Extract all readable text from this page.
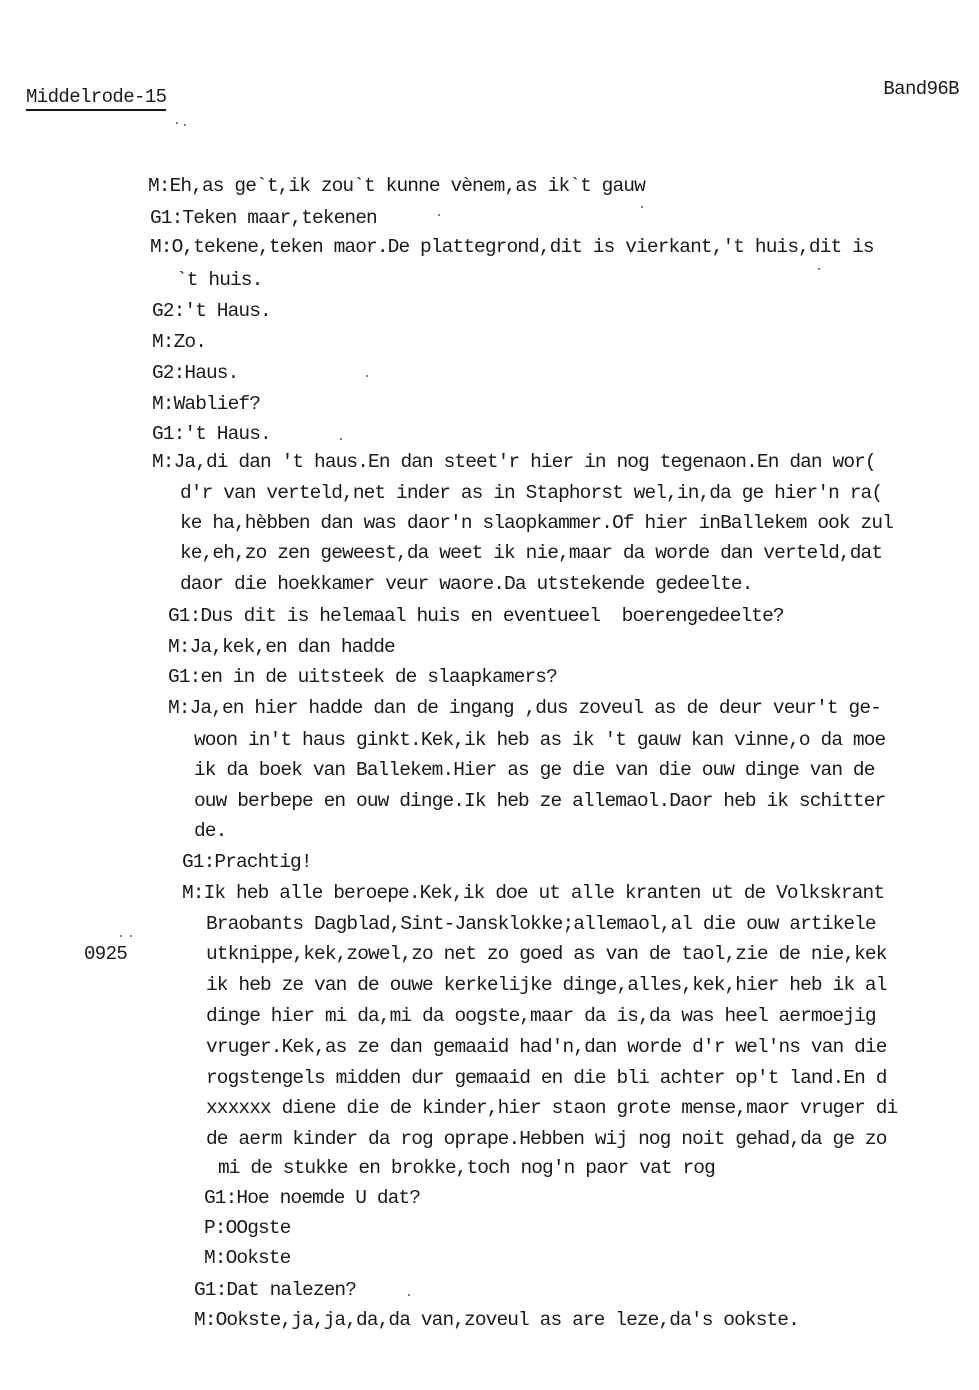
Middelrode-15	Band96B
0925
M:Eh,as ge`t,ik zou`t kunne vènem,as ik`t gauw
G1:Teken maar,tekenen
M:O,tekene,teken maor.De plattegrond,dit is vierkant,'t huis,dit is
`t huis.
G2:'t Haus.
M:Zo.
G2:Haus.
M:Wablief?
G1:'t Haus.
M:Ja,di dan 't haus.En dan steet'r hier in nog tegenaon.En dan wor(
d'r van verteld,net inder as in Staphorst wel,in,da ge hier'n ra(
ke ha,hèbben dan was daor'n slaopkammer.Of hier inBallekem ook zul
ke,eh,zo zen geweest,da weet ik nie,maar da worde dan verteld,dat
daor die hoekkamer veur waore.Da utstekende gedeelte.
G1:Dus dit is helemaal huis en eventueel  boerengedeelte?
M:Ja,kek,en dan hadde
G1:en in de uitsteek de slaapkamers?
M:Ja,en hier hadde dan de ingang ,dus zoveul as de deur veur't ge-
woon in't haus ginkt.Kek,ik heb as ik 't gauw kan vinne,o da moe
ik da boek van Ballekem.Hier as ge die van die ouw dinge van de
ouw berbepe en ouw dinge.Ik heb ze allemaol.Daor heb ik schitter
de.
G1:Prachtig!
M:Ik heb alle beroepe.Kek,ik doe ut alle kranten ut de Volkskrant
Braobants Dagblad,Sint-Jansklokke;allemaol,al die ouw artikele
utknippe,kek,zowel,zo net zo goed as van de taol,zie de nie,kek
ik heb ze van de ouwe kerkelijke dinge,alles,kek,hier heb ik al
dinge hier mi da,mi da oogste,maar da is,da was heel aermoejig
vruger.Kek,as ze dan gemaaid had'n,dan worde d'r wel'ns van die
rogstengels midden dur gemaaid en die bli achter op't land.En d
xxxxxx diene die de kinder,hier staon grote mense,maor vruger di
de aerm kinder da rog oprape.Hebben wij nog noit gehad,da ge zo
mi de stukke en brokke,toch nog'n paor vat rog
G1:Hoe noemde U dat?
P:OOgste
M:Ookste
G1:Dat nalezen?
M:Ookste,ja,ja,da,da van,zoveul as are leze,da's ookste.
